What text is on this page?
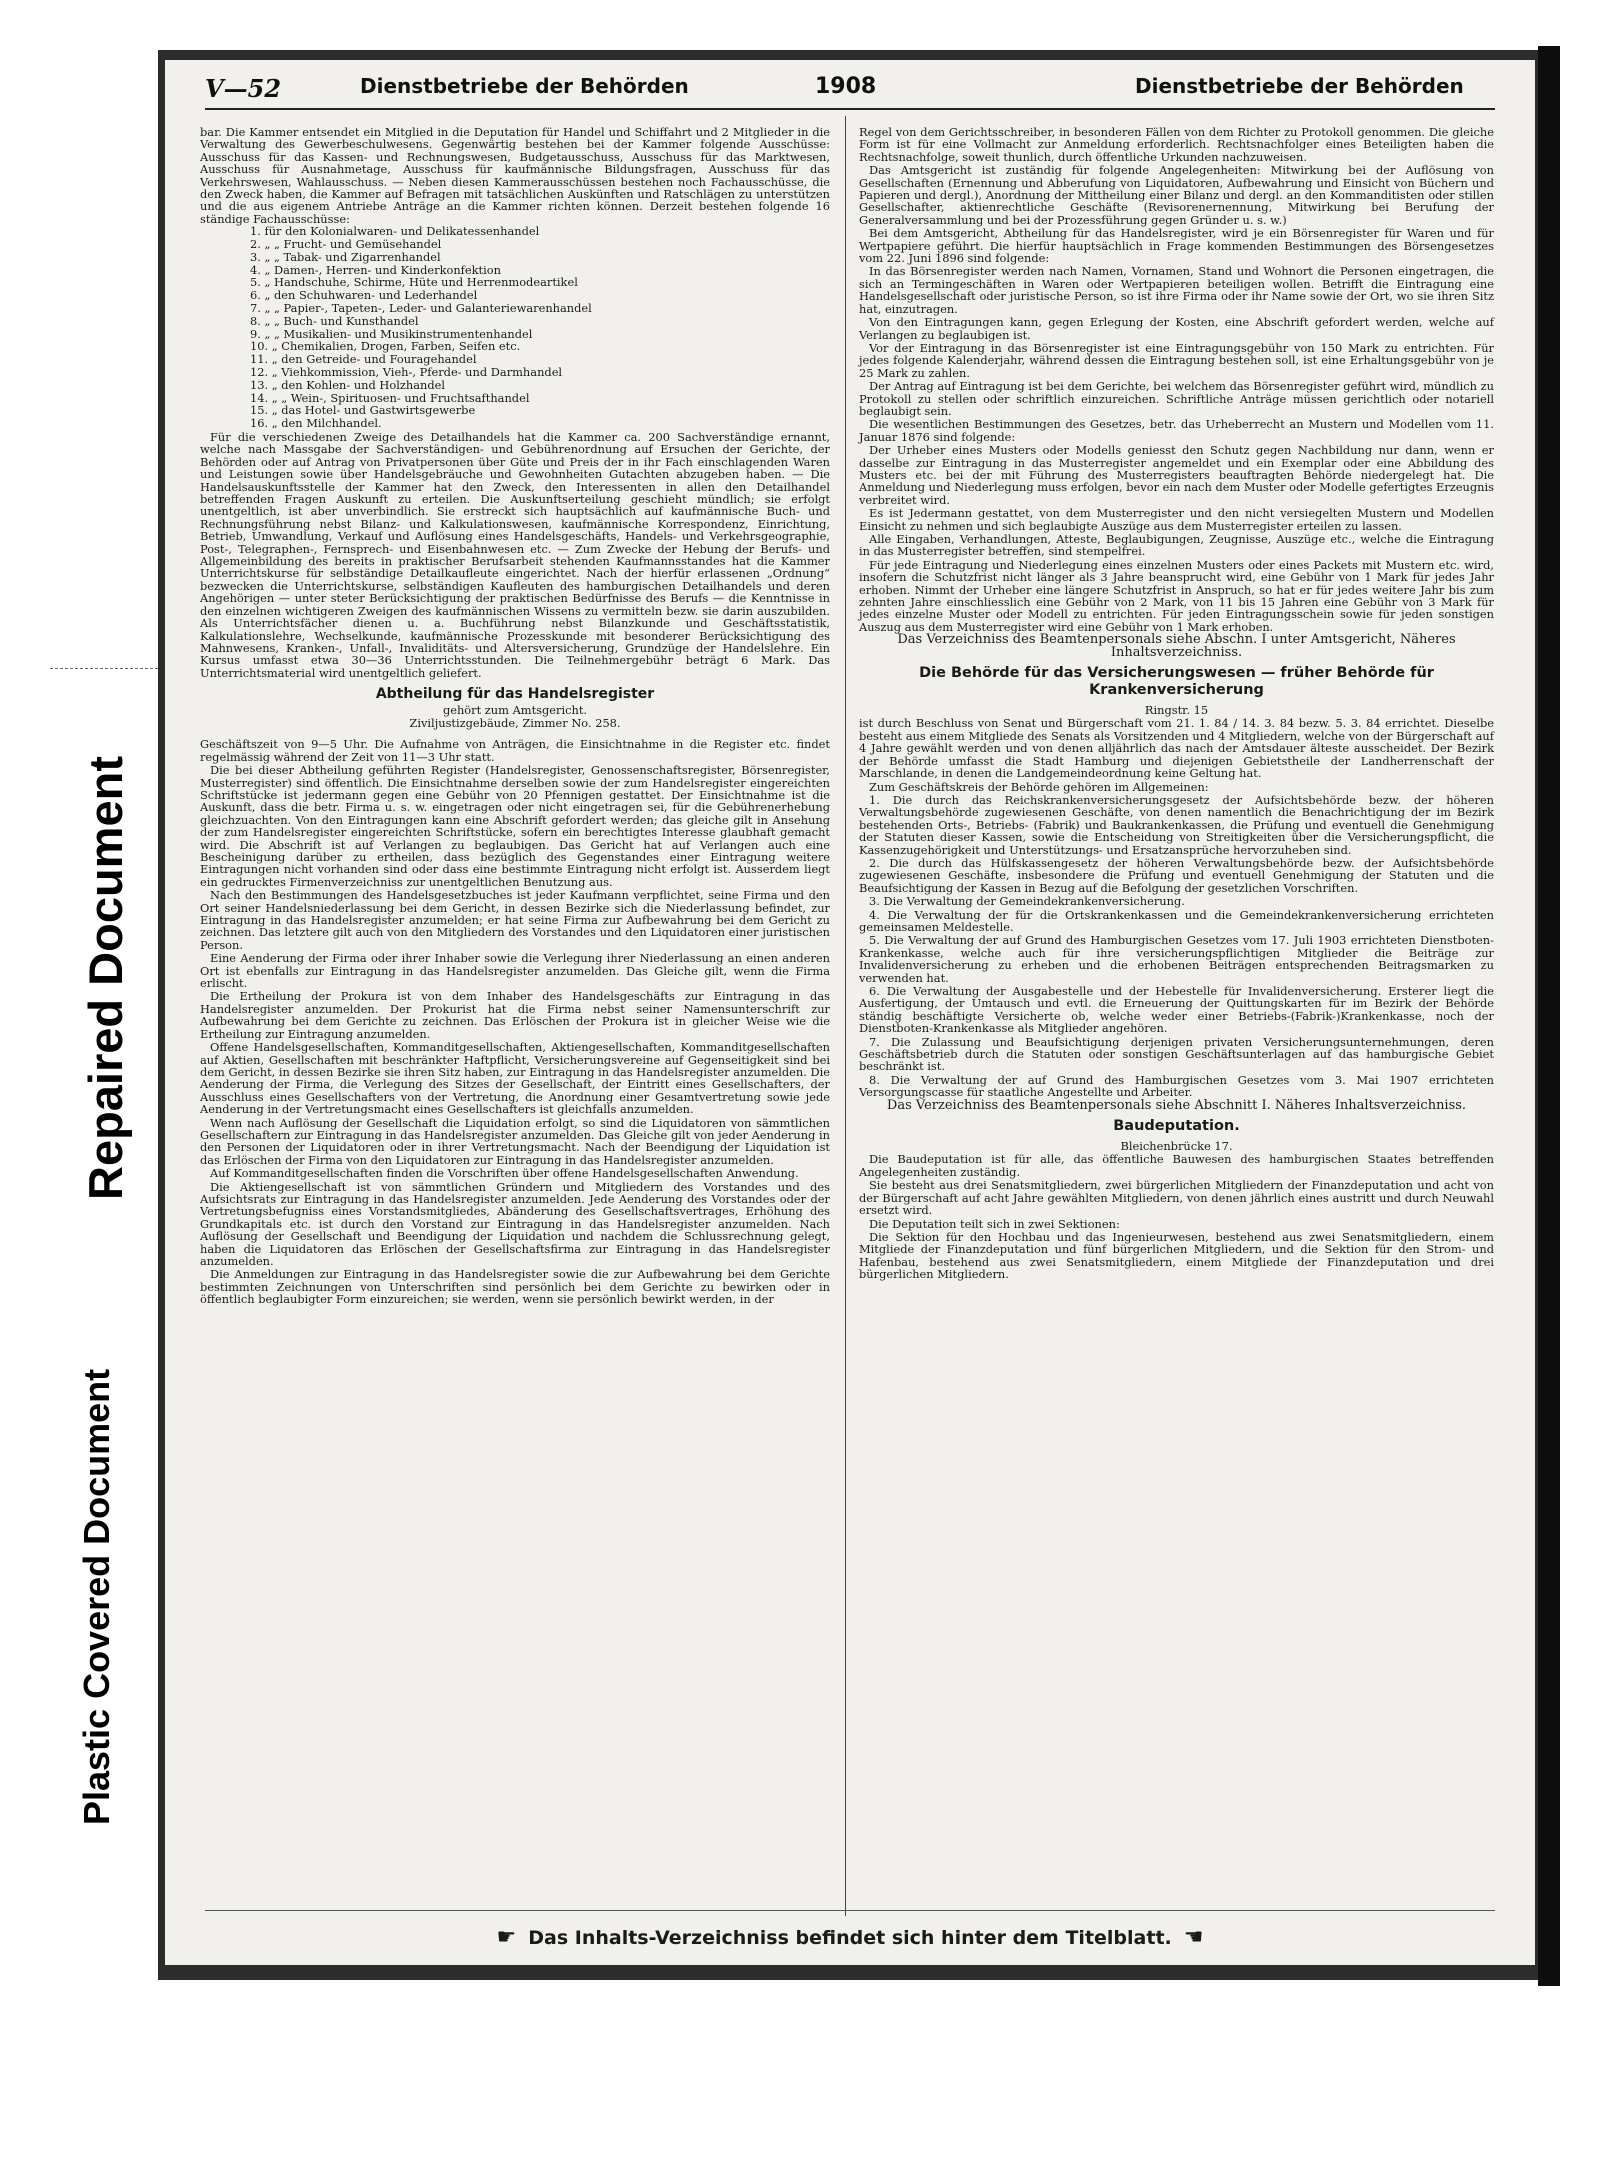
Repaired Document
Plastic Covered Document
V—52	Dienstbetriebe der Behörden	1908	Dienstbetriebe der Behörden

bar. Die Kammer entsendet ein Mitglied in die Deputation für Handel und Schiffahrt und 2 Mitglieder in die Verwaltung des Gewerbeschulwesens. Gegenwärtig bestehen bei der Kammer folgende Ausschüsse: Ausschuss für das Kassen- und Rechnungswesen, Budgetausschuss, Ausschuss für das Marktwesen, Ausschuss für Ausnahmetage, Ausschuss für kaufmännische Bildungsfragen, Ausschuss für das Verkehrswesen, Wahlausschuss. — Neben diesen Kammerausschüssen bestehen noch Fachausschüsse, die den Zweck haben, die Kammer auf Befragen mit tatsächlichen Auskünften und Ratschlägen zu unterstützen und die aus eigenem Antriebe Anträge an die Kammer richten können. Derzeit bestehen folgende 16 ständige Fachausschüsse:

1. für den Kolonialwaren- und Delikatessenhandel

2. „ „ Frucht- und Gemüsehandel

3. „ „ Tabak- und Zigarrenhandel

4. „ Damen-, Herren- und Kinderkonfektion

5. „ Handschuhe, Schirme, Hüte und Herrenmodeartikel

6. „ den Schuhwaren- und Lederhandel

7. „ „ Papier-, Tapeten-, Leder- und Galanteriewarenhandel

8. „ „ Buch- und Kunsthandel

9. „ „ Musikalien- und Musikinstrumentenhandel

10. „ Chemikalien, Drogen, Farben, Seifen etc.

11. „ den Getreide- und Fouragehandel

12. „ Viehkommission, Vieh-, Pferde- und Darmhandel

13. „ den Kohlen- und Holzhandel

14. „ „ Wein-, Spirituosen- und Fruchtsafthandel

15. „ das Hotel- und Gastwirtsgewerbe

16. „ den Milchhandel.

Für die verschiedenen Zweige des Detailhandels hat die Kammer ca. 200 Sachverständige ernannt, welche nach Massgabe der Sachverständigen- und Gebührenordnung auf Ersuchen der Gerichte, der Behörden oder auf Antrag von Privatpersonen über Güte und Preis der in ihr Fach einschlagenden Waren und Leistungen sowie über Handelsgebräuche und Gewohnheiten Gutachten abzugeben haben. — Die Handelsauskunftsstelle der Kammer hat den Zweck, den Interessenten in allen den Detailhandel betreffenden Fragen Auskunft zu erteilen. Die Auskunftserteilung geschieht mündlich; sie erfolgt unentgeltlich, ist aber unverbindlich. Sie erstreckt sich hauptsächlich auf kaufmännische Buch- und Rechnungsführung nebst Bilanz- und Kalkulationswesen, kaufmännische Korrespondenz, Einrichtung, Betrieb, Umwandlung, Verkauf und Auflösung eines Handelsgeschäfts, Handels- und Verkehrsgeographie, Post-, Telegraphen-, Fernsprech- und Eisenbahnwesen etc. — Zum Zwecke der Hebung der Berufs- und Allgemeinbildung des bereits in praktischer Berufsarbeit stehenden Kaufmannsstandes hat die Kammer Unterrichtskurse für selbständige Detailkaufleute eingerichtet. Nach der hierfür erlassenen „Ordnung“ bezwecken die Unterrichtskurse, selbständigen Kaufleuten des hamburgischen Detailhandels und deren Angehörigen — unter steter Berücksichtigung der praktischen Bedürfnisse des Berufs — die Kenntnisse in den einzelnen wichtigeren Zweigen des kaufmännischen Wissens zu vermitteln bezw. sie darin auszubilden. Als Unterrichtsfächer dienen u. a. Buchführung nebst Bilanzkunde und Geschäftsstatistik, Kalkulationslehre, Wechselkunde, kaufmännische Prozesskunde mit besonderer Berücksichtigung des Mahnwesens, Kranken-, Unfall-, Invaliditäts- und Altersversicherung, Grundzüge der Handelslehre. Ein Kursus umfasst etwa 30—36 Unterrichtsstunden. Die Teilnehmergebühr beträgt 6 Mark. Das Unterrichtsmaterial wird unentgeltlich geliefert.

Abtheilung für das Handelsregister

gehört zum Amtsgericht.

Ziviljustizgebäude, Zimmer No. 258.

Geschäftszeit von 9—5 Uhr. Die Aufnahme von Anträgen, die Einsichtnahme in die Register etc. findet regelmässig während der Zeit von 11—3 Uhr statt.

Die bei dieser Abtheilung geführten Register (Handelsregister, Genossenschaftsregister, Börsenregister, Musterregister) sind öffentlich. Die Einsichtnahme derselben sowie der zum Handelsregister eingereichten Schriftstücke ist jedermann gegen eine Gebühr von 20 Pfennigen gestattet. Der Einsichtnahme ist die Auskunft, dass die betr. Firma u. s. w. eingetragen oder nicht eingetragen sei, für die Gebührenerhebung gleichzuachten. Von den Eintragungen kann eine Abschrift gefordert werden; das gleiche gilt in Ansehung der zum Handelsregister eingereichten Schriftstücke, sofern ein berechtigtes Interesse glaubhaft gemacht wird. Die Abschrift ist auf Verlangen zu beglaubigen. Das Gericht hat auf Verlangen auch eine Bescheinigung darüber zu ertheilen, dass bezüglich des Gegenstandes einer Eintragung weitere Eintragungen nicht vorhanden sind oder dass eine bestimmte Eintragung nicht erfolgt ist. Ausserdem liegt ein gedrucktes Firmenverzeichniss zur unentgeltlichen Benutzung aus.

Nach den Bestimmungen des Handelsgesetzbuches ist jeder Kaufmann verpflichtet, seine Firma und den Ort seiner Handelsniederlassung bei dem Gericht, in dessen Bezirke sich die Niederlassung befindet, zur Eintragung in das Handelsregister anzumelden; er hat seine Firma zur Aufbewahrung bei dem Gericht zu zeichnen. Das letztere gilt auch von den Mitgliedern des Vorstandes und den Liquidatoren einer juristischen Person.

Eine Aenderung der Firma oder ihrer Inhaber sowie die Verlegung ihrer Niederlassung an einen anderen Ort ist ebenfalls zur Eintragung in das Handelsregister anzumelden. Das Gleiche gilt, wenn die Firma erlischt.

Die Ertheilung der Prokura ist von dem Inhaber des Handelsgeschäfts zur Eintragung in das Handelsregister anzumelden. Der Prokurist hat die Firma nebst seiner Namensunterschrift zur Aufbewahrung bei dem Gerichte zu zeichnen. Das Erlöschen der Prokura ist in gleicher Weise wie die Ertheilung zur Eintragung anzumelden.

Offene Handelsgesellschaften, Kommanditgesellschaften, Aktiengesellschaften, Kommanditgesellschaften auf Aktien, Gesellschaften mit beschränkter Haftpflicht, Versicherungsvereine auf Gegenseitigkeit sind bei dem Gericht, in dessen Bezirke sie ihren Sitz haben, zur Eintragung in das Handelsregister anzumelden. Die Aenderung der Firma, die Verlegung des Sitzes der Gesellschaft, der Eintritt eines Gesellschafters, der Ausschluss eines Gesellschafters von der Vertretung, die Anordnung einer Gesamtvertretung sowie jede Aenderung in der Vertretungsmacht eines Gesellschafters ist gleichfalls anzumelden.

Wenn nach Auflösung der Gesellschaft die Liquidation erfolgt, so sind die Liquidatoren von sämmtlichen Gesellschaftern zur Eintragung in das Handelsregister anzumelden. Das Gleiche gilt von jeder Aenderung in den Personen der Liquidatoren oder in ihrer Vertretungsmacht. Nach der Beendigung der Liquidation ist das Erlöschen der Firma von den Liquidatoren zur Eintragung in das Handelsregister anzumelden.

Auf Kommanditgesellschaften finden die Vorschriften über offene Handelsgesellschaften Anwendung.

Die Aktiengesellschaft ist von sämmtlichen Gründern und Mitgliedern des Vorstandes und des Aufsichtsrats zur Eintragung in das Handelsregister anzumelden. Jede Aenderung des Vorstandes oder der Vertretungsbefugniss eines Vorstandsmitgliedes, Abänderung des Gesellschaftsvertrages, Erhöhung des Grundkapitals etc. ist durch den Vorstand zur Eintragung in das Handelsregister anzumelden. Nach Auflösung der Gesellschaft und Beendigung der Liquidation und nachdem die Schlussrechnung gelegt, haben die Liquidatoren das Erlöschen der Gesellschaftsfirma zur Eintragung in das Handelsregister anzumelden.

Die Anmeldungen zur Eintragung in das Handelsregister sowie die zur Aufbewahrung bei dem Gerichte bestimmten Zeichnungen von Unterschriften sind persönlich bei dem Gerichte zu bewirken oder in öffentlich beglaubigter Form einzureichen; sie werden, wenn sie persönlich bewirkt werden, in der

Regel von dem Gerichtsschreiber, in besonderen Fällen von dem Richter zu Protokoll genommen. Die gleiche Form ist für eine Vollmacht zur Anmeldung erforderlich. Rechtsnachfolger eines Beteiligten haben die Rechtsnachfolge, soweit thunlich, durch öffentliche Urkunden nachzuweisen.

Das Amtsgericht ist zuständig für folgende Angelegenheiten: Mitwirkung bei der Auflösung von Gesellschaften (Ernennung und Abberufung von Liquidatoren, Aufbewahrung und Einsicht von Büchern und Papieren und dergl.), Anordnung der Mittheilung einer Bilanz und dergl. an den Kommanditisten oder stillen Gesellschafter, aktienrechtliche Geschäfte (Revisorenernennung, Mitwirkung bei Berufung der Generalversammlung und bei der Prozessführung gegen Gründer u. s. w.)

Bei dem Amtsgericht, Abtheilung für das Handelsregister, wird je ein Börsenregister für Waren und für Wertpapiere geführt. Die hierfür hauptsächlich in Frage kommenden Bestimmungen des Börsengesetzes vom 22. Juni 1896 sind folgende:

In das Börsenregister werden nach Namen, Vornamen, Stand und Wohnort die Personen eingetragen, die sich an Termingeschäften in Waren oder Wertpapieren beteiligen wollen. Betrifft die Eintragung eine Handelsgesellschaft oder juristische Person, so ist ihre Firma oder ihr Name sowie der Ort, wo sie ihren Sitz hat, einzutragen.

Von den Eintragungen kann, gegen Erlegung der Kosten, eine Abschrift gefordert werden, welche auf Verlangen zu beglaubigen ist.

Vor der Eintragung in das Börsenregister ist eine Eintragungsgebühr von 150 Mark zu entrichten. Für jedes folgende Kalenderjahr, während dessen die Eintragung bestehen soll, ist eine Erhaltungsgebühr von je 25 Mark zu zahlen.

Der Antrag auf Eintragung ist bei dem Gerichte, bei welchem das Börsenregister geführt wird, mündlich zu Protokoll zu stellen oder schriftlich einzureichen. Schriftliche Anträge müssen gerichtlich oder notariell beglaubigt sein.

Die wesentlichen Bestimmungen des Gesetzes, betr. das Urheberrecht an Mustern und Modellen vom 11. Januar 1876 sind folgende:

Der Urheber eines Musters oder Modells geniesst den Schutz gegen Nachbildung nur dann, wenn er dasselbe zur Eintragung in das Musterregister angemeldet und ein Exemplar oder eine Abbildung des Musters etc. bei der mit Führung des Musterregisters beauftragten Behörde niedergelegt hat. Die Anmeldung und Niederlegung muss erfolgen, bevor ein nach dem Muster oder Modelle gefertigtes Erzeugnis verbreitet wird.

Es ist Jedermann gestattet, von dem Musterregister und den nicht versiegelten Mustern und Modellen Einsicht zu nehmen und sich beglaubigte Auszüge aus dem Musterregister erteilen zu lassen.

Alle Eingaben, Verhandlungen, Atteste, Beglaubigungen, Zeugnisse, Auszüge etc., welche die Eintragung in das Musterregister betreffen, sind stempelfrei.

Für jede Eintragung und Niederlegung eines einzelnen Musters oder eines Packets mit Mustern etc. wird, insofern die Schutzfrist nicht länger als 3 Jahre beansprucht wird, eine Gebühr von 1 Mark für jedes Jahr erhoben. Nimmt der Urheber eine längere Schutzfrist in Anspruch, so hat er für jedes weitere Jahr bis zum zehnten Jahre einschliesslich eine Gebühr von 2 Mark, von 11 bis 15 Jahren eine Gebühr von 3 Mark für jedes einzelne Muster oder Modell zu entrichten. Für jeden Eintragungsschein sowie für jeden sonstigen Auszug aus dem Musterregister wird eine Gebühr von 1 Mark erhoben.

Das Verzeichniss des Beamtenpersonals siehe Abschn. I unter Amtsgericht, Näheres Inhaltsverzeichniss.

Die Behörde für das Versicherungswesen — früher Behörde für Krankenversicherung

Ringstr. 15

ist durch Beschluss von Senat und Bürgerschaft vom 21. 1. 84 / 14. 3. 84 bezw. 5. 3. 84 errichtet. Dieselbe besteht aus einem Mitgliede des Senats als Vorsitzenden und 4 Mitgliedern, welche von der Bürgerschaft auf 4 Jahre gewählt werden und von denen alljährlich das nach der Amtsdauer älteste ausscheidet. Der Bezirk der Behörde umfasst die Stadt Hamburg und diejenigen Gebietstheile der Landherrenschaft der Marschlande, in denen die Landgemeindeordnung keine Geltung hat.

Zum Geschäftskreis der Behörde gehören im Allgemeinen:

1. Die durch das Reichskrankenversicherungsgesetz der Aufsichtsbehörde bezw. der höheren Verwaltungsbehörde zugewiesenen Geschäfte, von denen namentlich die Benachrichtigung der im Bezirk bestehenden Orts-, Betriebs- (Fabrik) und Baukrankenkassen, die Prüfung und eventuell die Genehmigung der Statuten dieser Kassen, sowie die Entscheidung von Streitigkeiten über die Versicherungspflicht, die Kassenzugehörigkeit und Unterstützungs- und Ersatzansprüche hervorzuheben sind.

2. Die durch das Hülfskassengesetz der höheren Verwaltungsbehörde bezw. der Aufsichtsbehörde zugewiesenen Geschäfte, insbesondere die Prüfung und eventuell Genehmigung der Statuten und die Beaufsichtigung der Kassen in Bezug auf die Befolgung der gesetzlichen Vorschriften.

3. Die Verwaltung der Gemeindekrankenversicherung.

4. Die Verwaltung der für die Ortskrankenkassen und die Gemeindekrankenversicherung errichteten gemeinsamen Meldestelle.

5. Die Verwaltung der auf Grund des Hamburgischen Gesetzes vom 17. Juli 1903 errichteten Dienstboten-Krankenkasse, welche auch für ihre versicherungspflichtigen Mitglieder die Beiträge zur Invalidenversicherung zu erheben und die erhobenen Beiträgen entsprechenden Beitragsmarken zu verwenden hat.

6. Die Verwaltung der Ausgabestelle und der Hebestelle für Invalidenversicherung. Ersterer liegt die Ausfertigung, der Umtausch und evtl. die Erneuerung der Quittungskarten für im Bezirk der Behörde ständig beschäftigte Versicherte ob, welche weder einer Betriebs-(Fabrik-)Krankenkasse, noch der Dienstboten-Krankenkasse als Mitglieder angehören.

7. Die Zulassung und Beaufsichtigung derjenigen privaten Versicherungsunternehmungen, deren Geschäftsbetrieb durch die Statuten oder sonstigen Geschäftsunterlagen auf das hamburgische Gebiet beschränkt ist.

8. Die Verwaltung der auf Grund des Hamburgischen Gesetzes vom 3. Mai 1907 errichteten Versorgungscasse für staatliche Angestellte und Arbeiter.

Das Verzeichniss des Beamtenpersonals siehe Abschnitt I. Näheres Inhaltsverzeichniss.

Baudeputation.

Bleichenbrücke 17.

Die Baudeputation ist für alle, das öffentliche Bauwesen des hamburgischen Staates betreffenden Angelegenheiten zuständig.

Sie besteht aus drei Senatsmitgliedern, zwei bürgerlichen Mitgliedern der Finanzdeputation und acht von der Bürgerschaft auf acht Jahre gewählten Mitgliedern, von denen jährlich eines austritt und durch Neuwahl ersetzt wird.

Die Deputation teilt sich in zwei Sektionen:

Die Sektion für den Hochbau und das Ingenieurwesen, bestehend aus zwei Senatsmitgliedern, einem Mitgliede der Finanzdeputation und fünf bürgerlichen Mitgliedern, und die Sektion für den Strom- und Hafenbau, bestehend aus zwei Senatsmitgliedern, einem Mitgliede der Finanzdeputation und drei bürgerlichen Mitgliedern.

☛ Das Inhalts-Verzeichniss befindet sich hinter dem Titelblatt. ☚
